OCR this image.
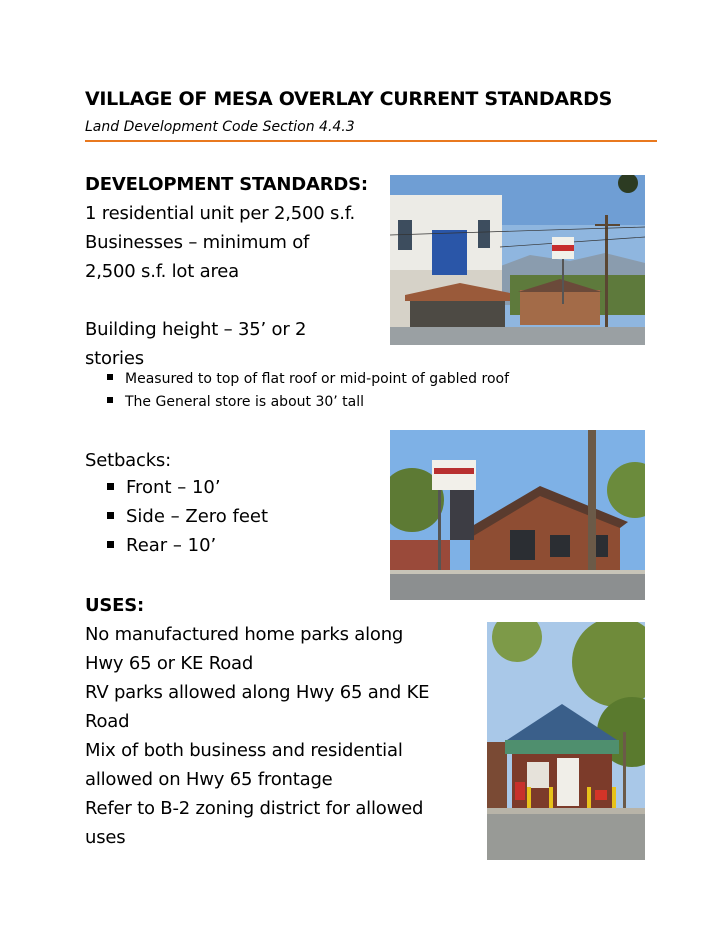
VILLAGE OF MESA OVERLAY CURRENT STANDARDS

Land Development Code Section 4.4.3

DEVELOPMENT STANDARDS:

1 residential unit per 2,500 s.f.

Businesses – minimum of

2,500 s.f. lot area

Building height – 35’ or 2

stories

Measured to top of flat roof or mid-point of gabled roof
The General store is about 30’ tall

Setbacks:

Front – 10’
Side – Zero feet
Rear – 10’

USES:

No manufactured home parks along

Hwy 65 or KE Road

RV parks allowed along Hwy 65 and KE

Road

Mix of both business and residential

allowed on Hwy 65 frontage

Refer to B-2 zoning district for allowed

uses
